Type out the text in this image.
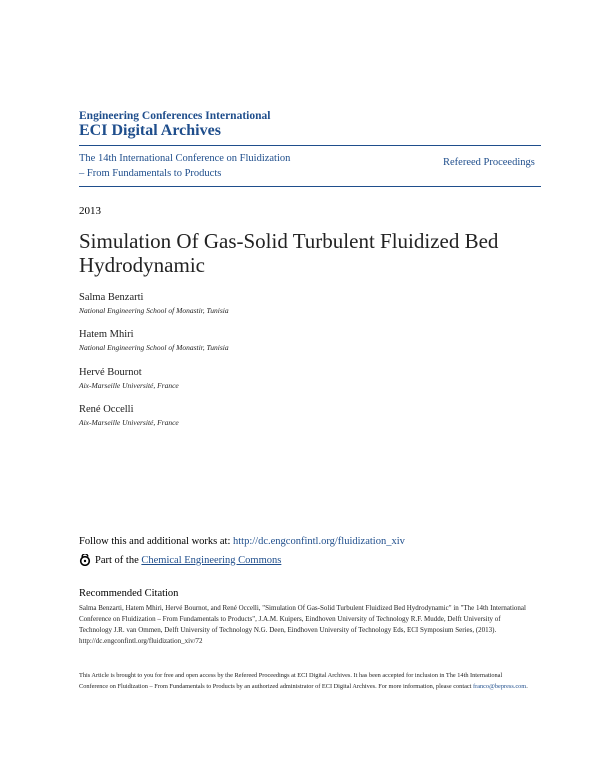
Engineering Conferences International
ECI Digital Archives
The 14th International Conference on Fluidization
– From Fundamentals to Products
Refereed Proceedings
2013
Simulation Of Gas-Solid Turbulent Fluidized Bed Hydrodynamic
Salma Benzarti
National Engineering School of Monastir, Tunisia
Hatem Mhiri
National Engineering School of Monastir, Tunisia
Hervé Bournot
Aix-Marseille Université, France
René Occelli
Aix-Marseille Université, France
Follow this and additional works at: http://dc.engconfintl.org/fluidization_xiv
Part of the Chemical Engineering Commons
Recommended Citation
Salma Benzarti, Hatem Mhiri, Hervé Bournot, and René Occelli, "Simulation Of Gas-Solid Turbulent Fluidized Bed Hydrodynamic" in "The 14th International Conference on Fluidization – From Fundamentals to Products", J.A.M. Kuipers, Eindhoven University of Technology R.F. Mudde, Delft University of Technology J.R. van Ommen, Delft University of Technology N.G. Deen, Eindhoven University of Technology Eds, ECI Symposium Series, (2013). http://dc.engconfintl.org/fluidization_xiv/72
This Article is brought to you for free and open access by the Refereed Proceedings at ECI Digital Archives. It has been accepted for inclusion in The 14th International Conference on Fluidization – From Fundamentals to Products by an authorized administrator of ECI Digital Archives. For more information, please contact franco@bepress.com.
